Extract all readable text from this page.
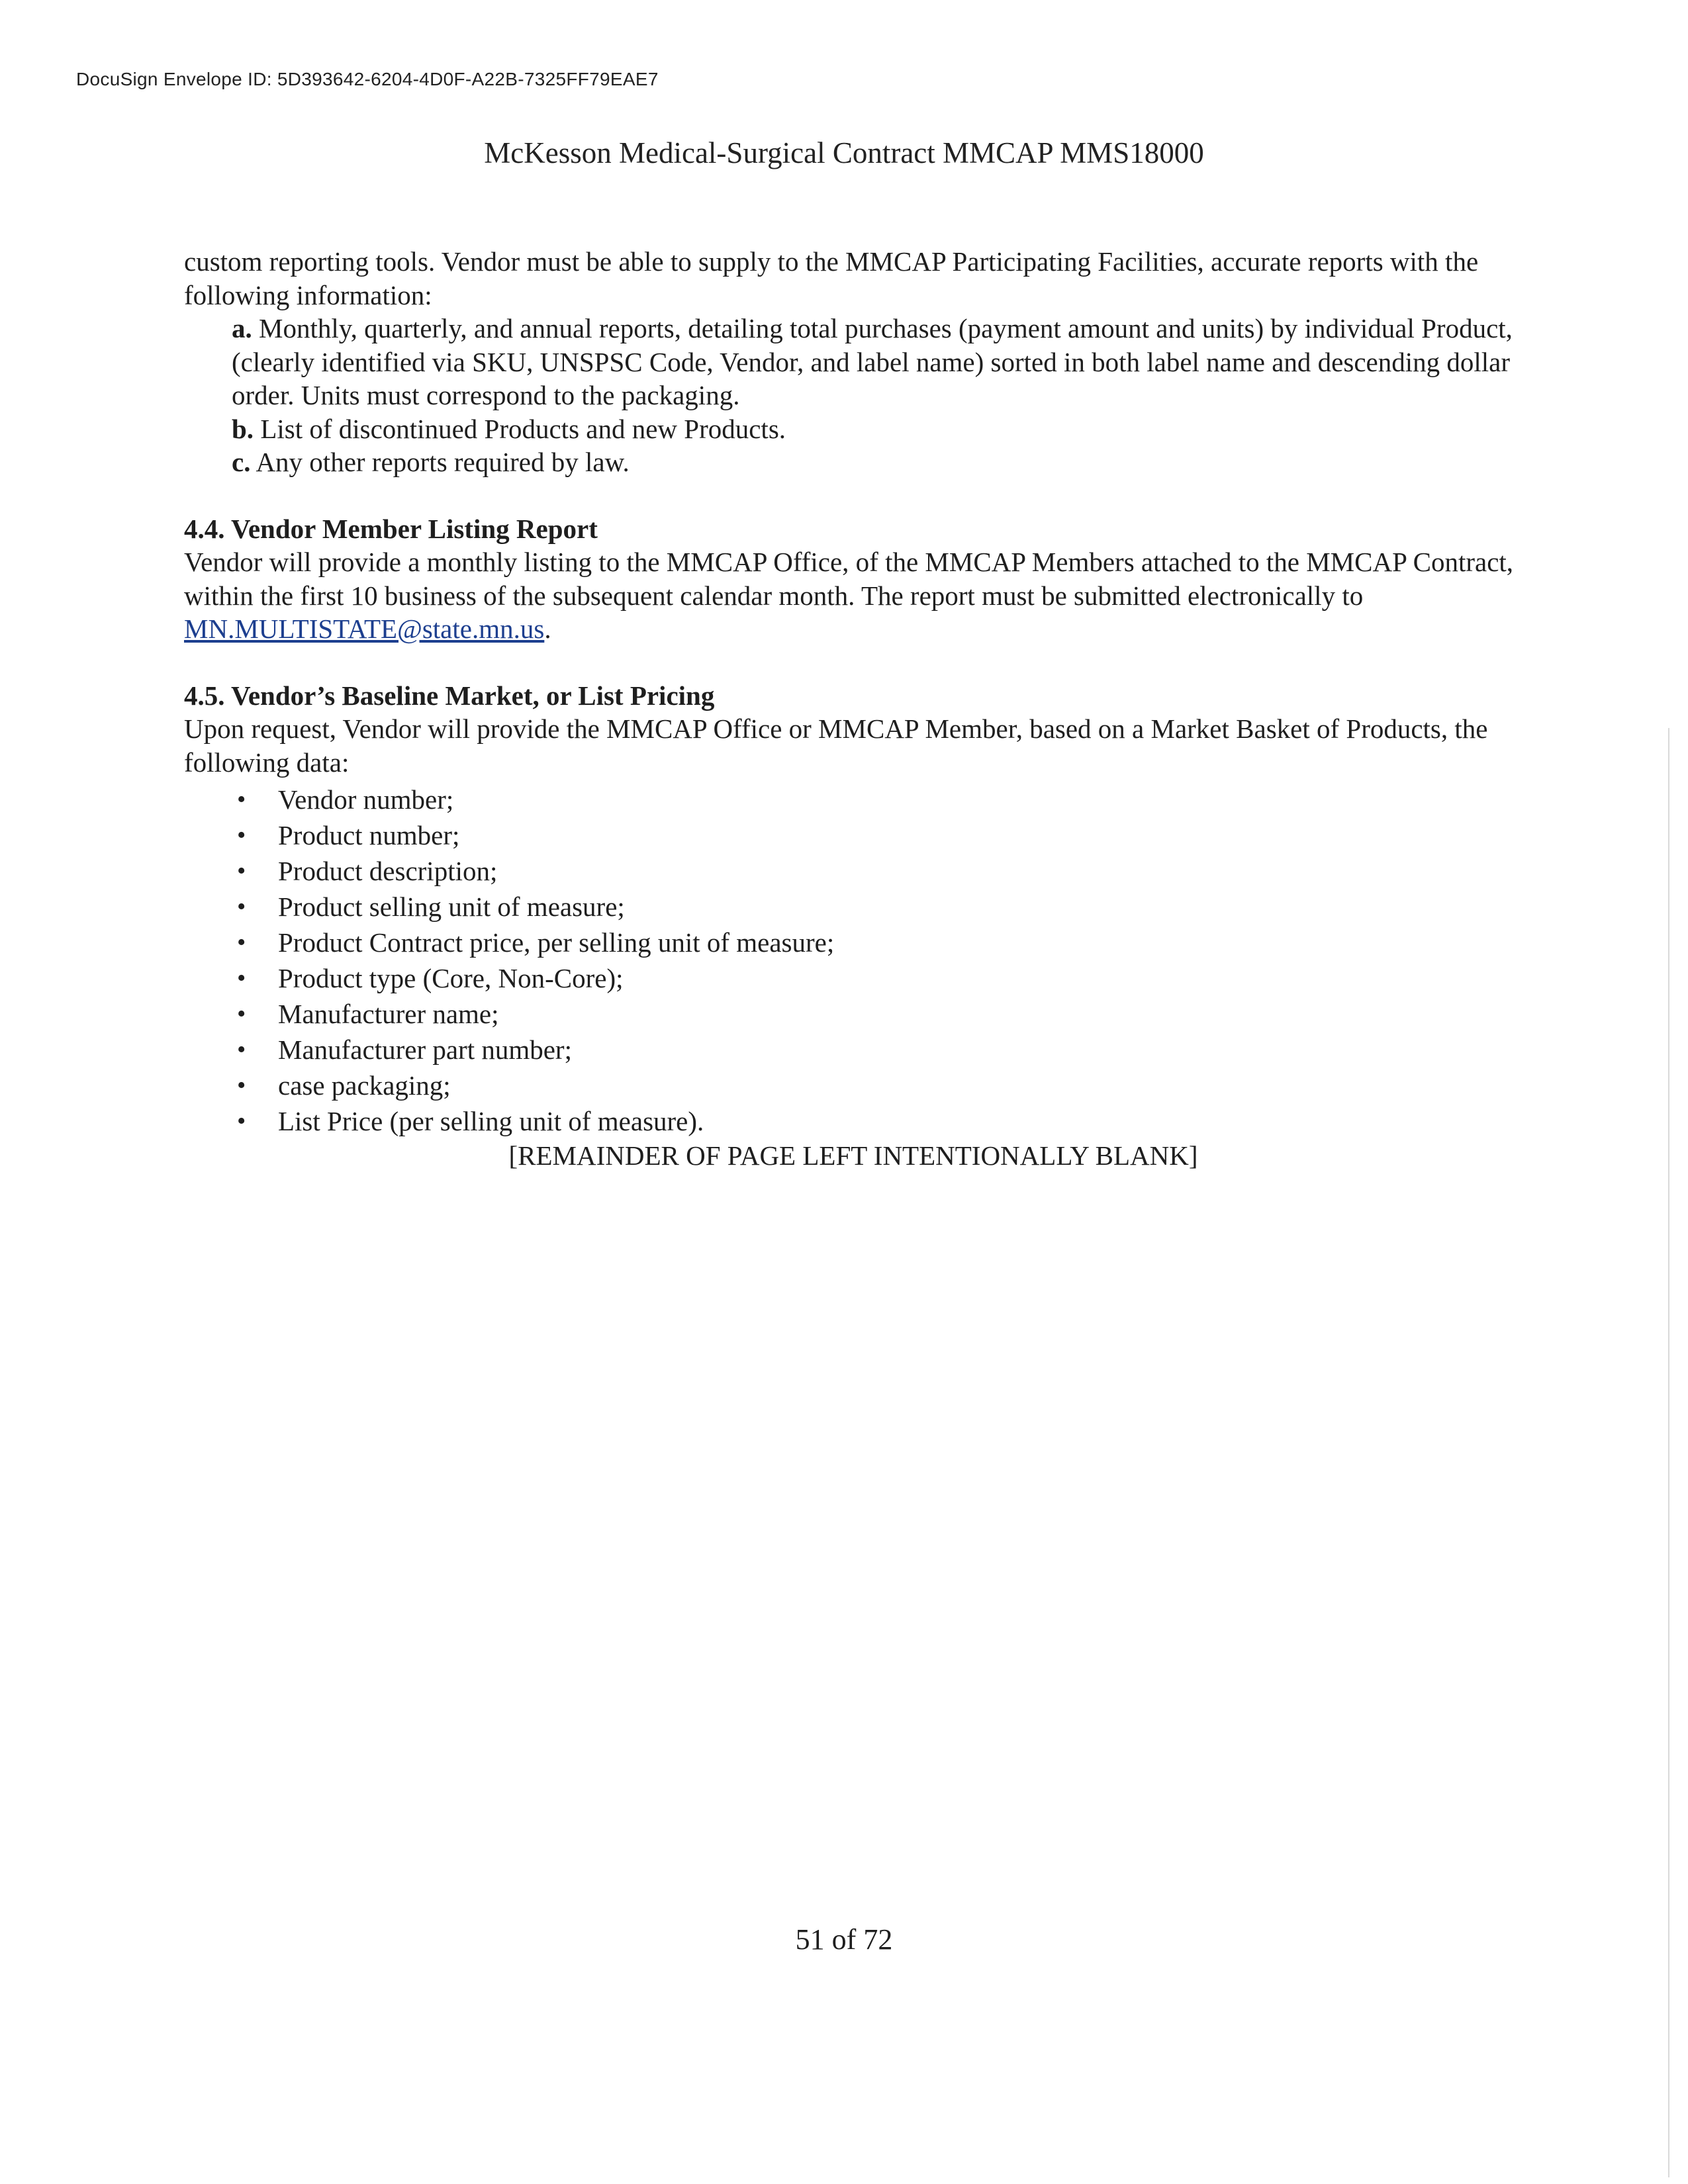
DocuSign Envelope ID: 5D393642-6204-4D0F-A22B-7325FF79EAE7
McKesson Medical-Surgical Contract MMCAP MMS18000

custom reporting tools. Vendor must be able to supply to the MMCAP Participating Facilities, accurate reports with the following information:

a. Monthly, quarterly, and annual reports, detailing total purchases (payment amount and units) by individual Product, (clearly identified via SKU, UNSPSC Code, Vendor, and label name) sorted in both label name and descending dollar order. Units must correspond to the packaging.

b. List of discontinued Products and new Products.

c. Any other reports required by law.

4.4. Vendor Member Listing Report

Vendor will provide a monthly listing to the MMCAP Office, of the MMCAP Members attached to the MMCAP Contract, within the first 10 business of the subsequent calendar month. The report must be submitted electronically to MN.MULTISTATE@state.mn.us.

4.5. Vendor’s Baseline Market, or List Pricing

Upon request, Vendor will provide the MMCAP Office or MMCAP Member, based on a Market Basket of Products, the following data:

• Vendor number;
• Product number;
• Product description;
• Product selling unit of measure;
• Product Contract price, per selling unit of measure;
• Product type (Core, Non-Core);
• Manufacturer name;
• Manufacturer part number;
• case packaging;
• List Price (per selling unit of measure).

[REMAINDER OF PAGE LEFT INTENTIONALLY BLANK]

51 of 72
